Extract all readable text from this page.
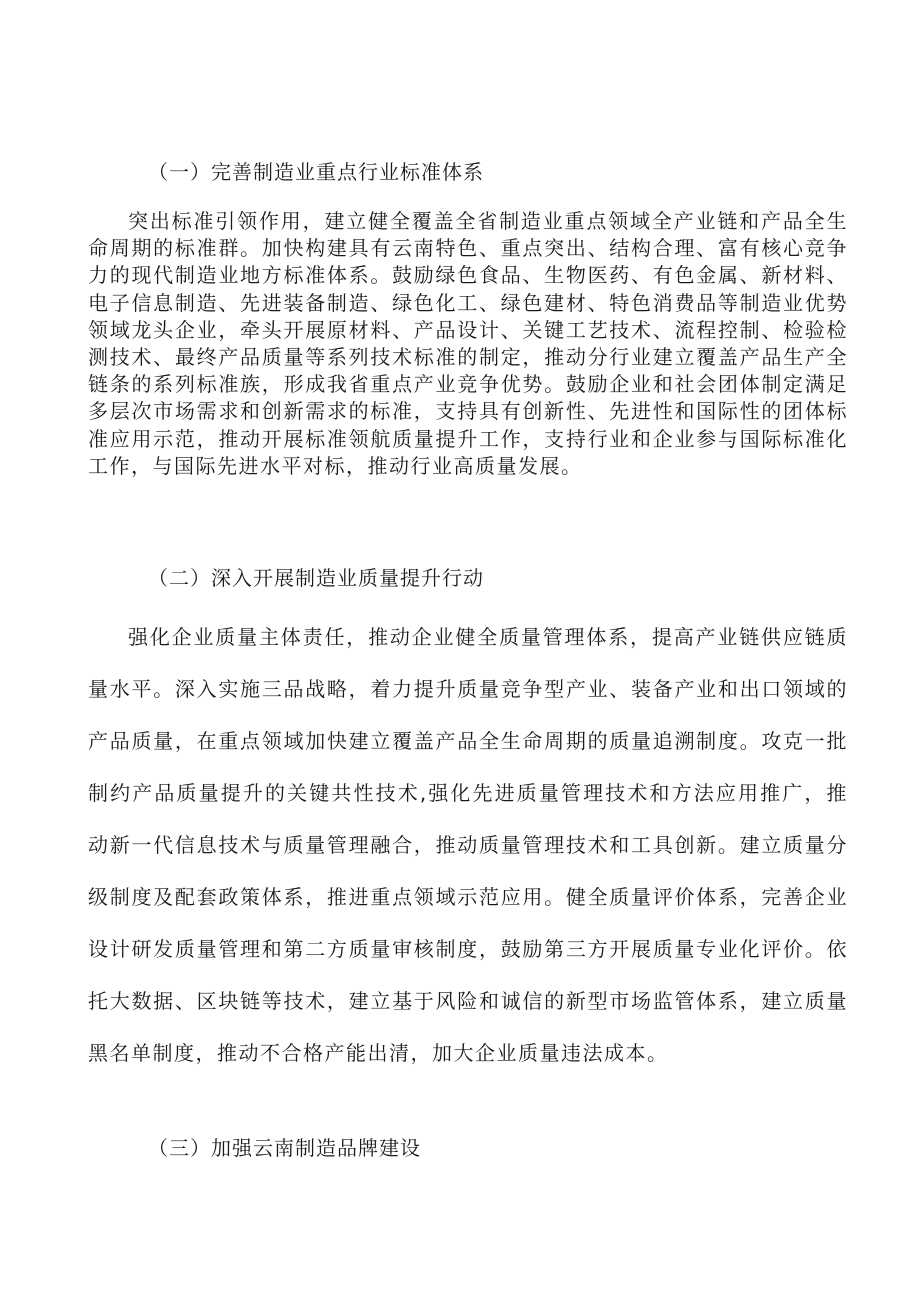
（一）完善制造业重点行业标准体系

突出标准引领作用，建立健全覆盖全省制造业重点领域全产业链和产品全生命周期的标准群。加快构建具有云南特色、重点突出、结构合理、富有核心竞争力的现代制造业地方标准体系。鼓励绿色食品、生物医药、有色金属、新材料、电子信息制造、先进装备制造、绿色化工、绿色建材、特色消费品等制造业优势领域龙头企业，牵头开展原材料、产品设计、关键工艺技术、流程控制、检验检测技术、最终产品质量等系列技术标准的制定，推动分行业建立覆盖产品生产全链条的系列标准族，形成我省重点产业竞争优势。鼓励企业和社会团体制定满足多层次市场需求和创新需求的标准，支持具有创新性、先进性和国际性的团体标准应用示范，推动开展标准领航质量提升工作，支持行业和企业参与国际标准化工作，与国际先进水平对标，推动行业高质量发展。

（二）深入开展制造业质量提升行动

强化企业质量主体责任，推动企业健全质量管理体系，提高产业链供应链质量水平。深入实施三品战略，着力提升质量竞争型产业、装备产业和出口领域的产品质量，在重点领域加快建立覆盖产品全生命周期的质量追溯制度。攻克一批制约产品质量提升的关键共性技术,强化先进质量管理技术和方法应用推广，推动新一代信息技术与质量管理融合，推动质量管理技术和工具创新。建立质量分级制度及配套政策体系，推进重点领域示范应用。健全质量评价体系，完善企业设计研发质量管理和第二方质量审核制度，鼓励第三方开展质量专业化评价。依托大数据、区块链等技术，建立基于风险和诚信的新型市场监管体系，建立质量黑名单制度，推动不合格产能出清，加大企业质量违法成本。

（三）加强云南制造品牌建设
